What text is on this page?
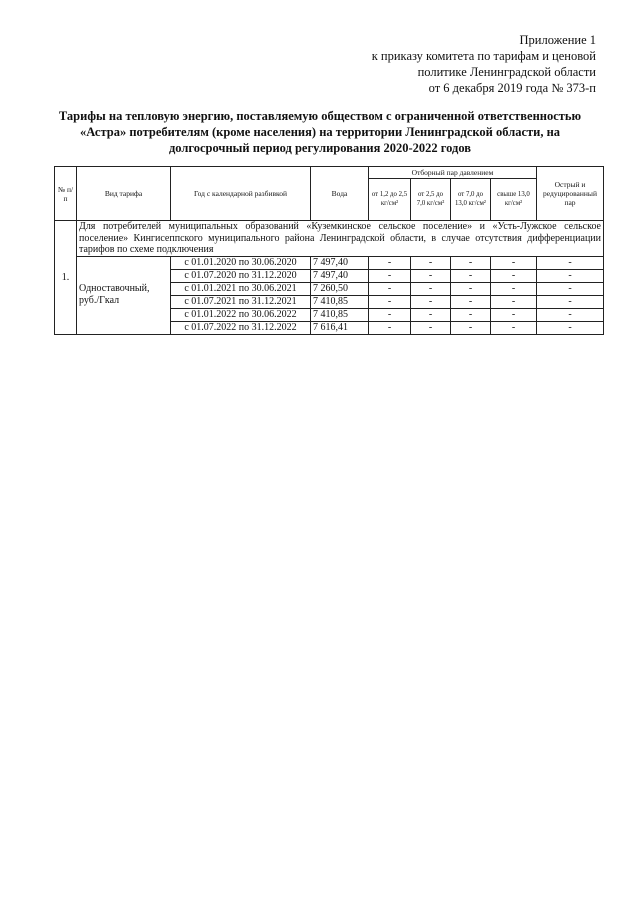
Приложение 1
к приказу комитета по тарифам и ценовой
политике Ленинградской области
от 6 декабря 2019 года № 373-п
Тарифы на тепловую энергию, поставляемую обществом с ограниченной ответственностью «Астра» потребителям (кроме населения) на территории Ленинградской области, на долгосрочный период регулирования 2020-2022 годов
№ п/п	Вид тарифа	Год с календарной разбивкой	Вода	Отборный пар давлением				Острый и редуцированный пар
				от 1,2 до 2,5 кг/см²	от 2,5 до 7,0 кг/см²	от 7,0 до 13,0 кг/см²	свыше 13,0 кг/см²	
1.	Для потребителей муниципальных образований «Куземкинское сельское поселение» и «Усть-Лужское сельское поселение» Кингисеппского муниципального района Ленинградской области, в случае отсутствия дифференциации тарифов по схеме подключения							
	Одноставочный, руб./Гкал	с 01.01.2020 по 30.06.2020	7 497,40	-	-	-	-	-
		с 01.07.2020 по 31.12.2020	7 497,40	-	-	-	-	-
		с 01.01.2021 по 30.06.2021	7 260,50	-	-	-	-	-
		с 01.07.2021 по 31.12.2021	7 410,85	-	-	-	-	-
		с 01.01.2022 по 30.06.2022	7 410,85	-	-	-	-	-
		с 01.07.2022 по 31.12.2022	7 616,41	-	-	-	-	-
